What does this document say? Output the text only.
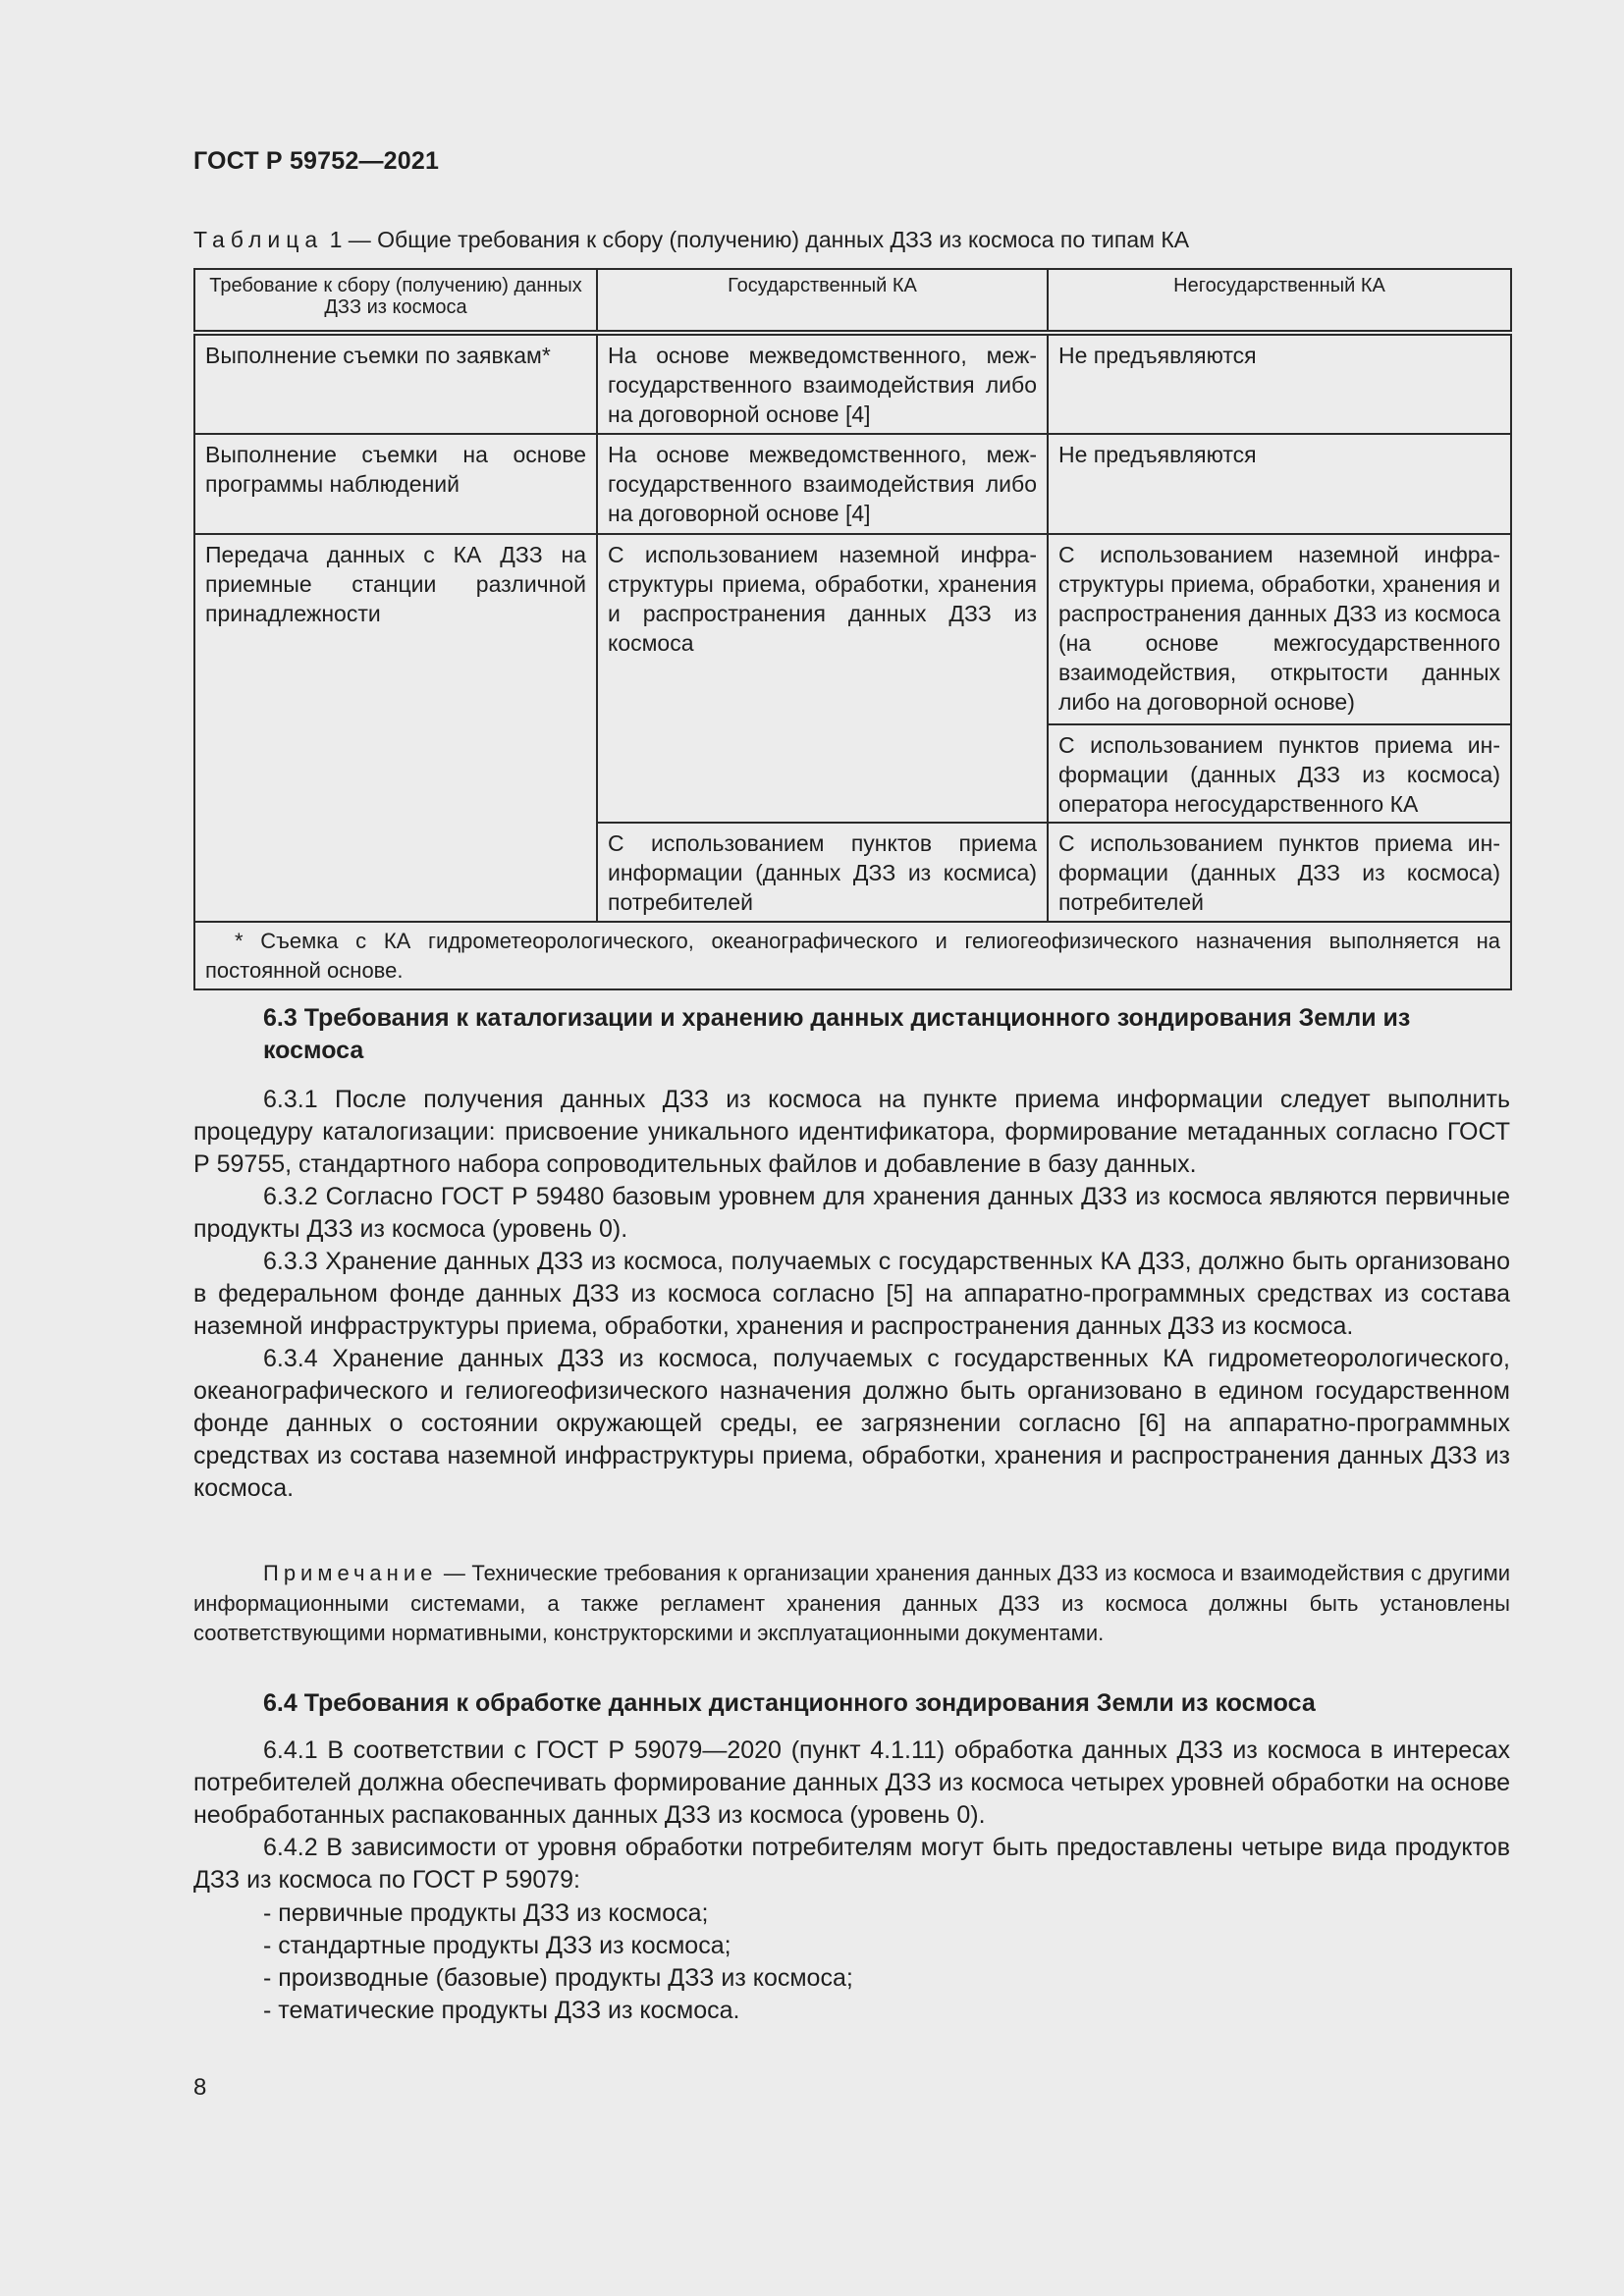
ГОСТ Р 59752—2021
Таблица 1 — Общие требования к сбору (получению) данных ДЗЗ из космоса по типам КА
Требование к сбору (получению) данных ДЗЗ из космоса	Государственный КА	Негосударственный КА
Выполнение съемки по заявкам*	На основе межведомственного, межгосударственного взаимодействия либо на договорной основе [4]	Не предъявляются
Выполнение съемки на основе программы наблюдений	На основе межведомственного, межгосударственного взаимодействия либо на договорной основе [4]	Не предъявляются
Передача данных с КА ДЗЗ на приемные станции различной принадлежности	С использованием наземной инфраструктуры приема, обработки, хранения и распространения данных ДЗЗ из космоса	С использованием наземной инфраструктуры приема, обработки, хранения и распространения данных ДЗЗ из космоса (на основе межгосударственного взаимодействия, открытости данных либо на договорной основе)
		С использованием пунктов приема информации (данных ДЗЗ из космоса) оператора негосударственного КА
	С использованием пунктов приема информации (данных ДЗЗ из космиса) потребителей	С использованием пунктов приема информации (данных ДЗЗ из космоса) потребителей
* Съемка с КА гидрометеорологического, океанографического и гелиогеофизического назначения выполняется на постоянной основе.		
6.3 Требования к каталогизации и хранению данных дистанционного зондирования Земли из космоса

6.3.1 После получения данных ДЗЗ из космоса на пункте приема информации следует выполнить процедуру каталогизации: присвоение уникального идентификатора, формирование метаданных согласно ГОСТ Р 59755, стандартного набора сопроводительных файлов и добавление в базу данных.

6.3.2 Согласно ГОСТ Р 59480 базовым уровнем для хранения данных ДЗЗ из космоса являются первичные продукты ДЗЗ из космоса (уровень 0).

6.3.3 Хранение данных ДЗЗ из космоса, получаемых с государственных КА ДЗЗ, должно быть организовано в федеральном фонде данных ДЗЗ из космоса согласно [5] на аппаратно-программных средствах из состава наземной инфраструктуры приема, обработки, хранения и распространения данных ДЗЗ из космоса.

6.3.4 Хранение данных ДЗЗ из космоса, получаемых с государственных КА гидрометеорологического, океанографического и гелиогеофизического назначения должно быть организовано в едином государственном фонде данных о состоянии окружающей среды, ее загрязнении согласно [6] на аппаратно-программных средствах из состава наземной инфраструктуры приема, обработки, хранения и распространения данных ДЗЗ из космоса.

Примечание — Технические требования к организации хранения данных ДЗЗ из космоса и взаимодействия с другими информационными системами, а также регламент хранения данных ДЗЗ из космоса должны быть установлены соответствующими нормативными, конструкторскими и эксплуатационными документами.
6.4 Требования к обработке данных дистанционного зондирования Земли из космоса

6.4.1 В соответствии с ГОСТ Р 59079—2020 (пункт 4.1.11) обработка данных ДЗЗ из космоса в интересах потребителей должна обеспечивать формирование данных ДЗЗ из космоса четырех уровней обработки на основе необработанных распакованных данных ДЗЗ из космоса (уровень 0).

6.4.2 В зависимости от уровня обработки потребителям могут быть предоставлены четыре вида продуктов ДЗЗ из космоса по ГОСТ Р 59079:

- первичные продукты ДЗЗ из космоса;
- стандартные продукты ДЗЗ из космоса;
- производные (базовые) продукты ДЗЗ из космоса;
- тематические продукты ДЗЗ из космоса.
8
